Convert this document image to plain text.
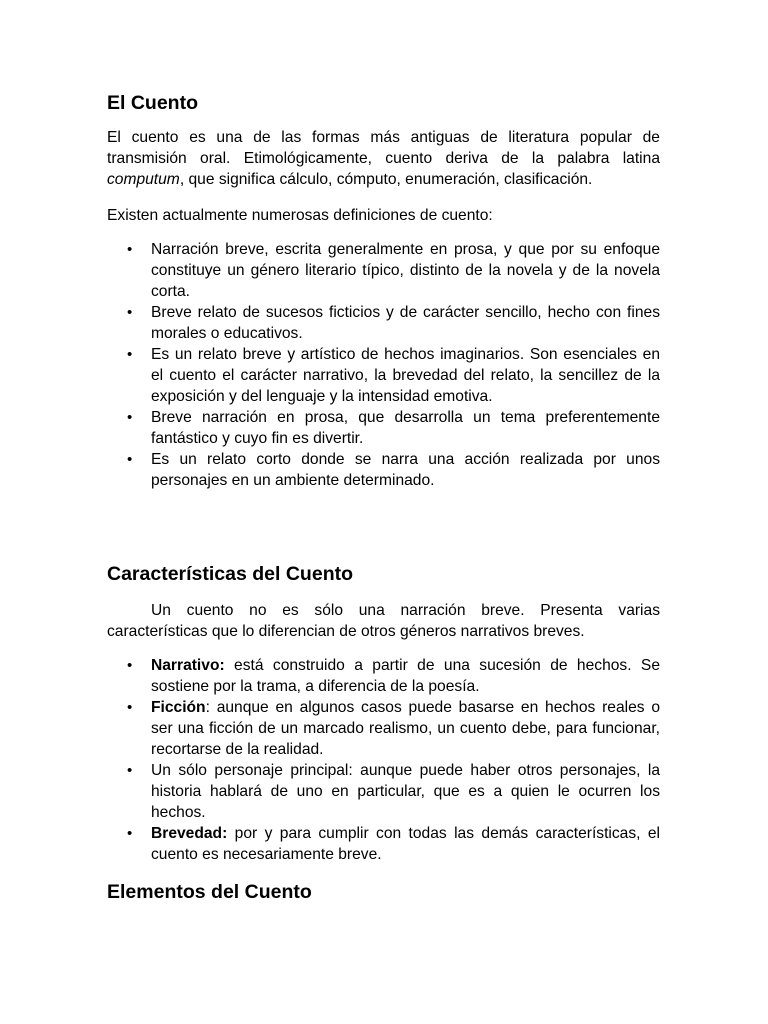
El Cuento

El cuento es una de las formas más antiguas de literatura popular de transmisión oral. Etimológicamente, cuento deriva de la palabra latina computum, que significa cálculo, cómputo, enumeración, clasificación.

Existen actualmente numerosas definiciones de cuento:

• Narración breve, escrita generalmente en prosa, y que por su enfoque constituye un género literario típico, distinto de la novela y de la novela corta.
• Breve relato de sucesos ficticios y de carácter sencillo, hecho con fines morales o educativos.
• Es un relato breve y artístico de hechos imaginarios. Son esenciales en el cuento el carácter narrativo, la brevedad del relato, la sencillez de la exposición y del lenguaje y la intensidad emotiva.
• Breve narración en prosa, que desarrolla un tema preferentemente fantástico y cuyo fin es divertir.
• Es un relato corto donde se narra una acción realizada por unos personajes en un ambiente determinado.
Características del Cuento

Un cuento no es sólo una narración breve. Presenta varias características que lo diferencian de otros géneros narrativos breves.

• Narrativo: está construido a partir de una sucesión de hechos. Se sostiene por la trama, a diferencia de la poesía.
• Ficción: aunque en algunos casos puede basarse en hechos reales o ser una ficción de un marcado realismo, un cuento debe, para funcionar, recortarse de la realidad.
• Un sólo personaje principal: aunque puede haber otros personajes, la historia hablará de uno en particular, que es a quien le ocurren los hechos.
• Brevedad: por y para cumplir con todas las demás características, el cuento es necesariamente breve.
Elementos del Cuento
